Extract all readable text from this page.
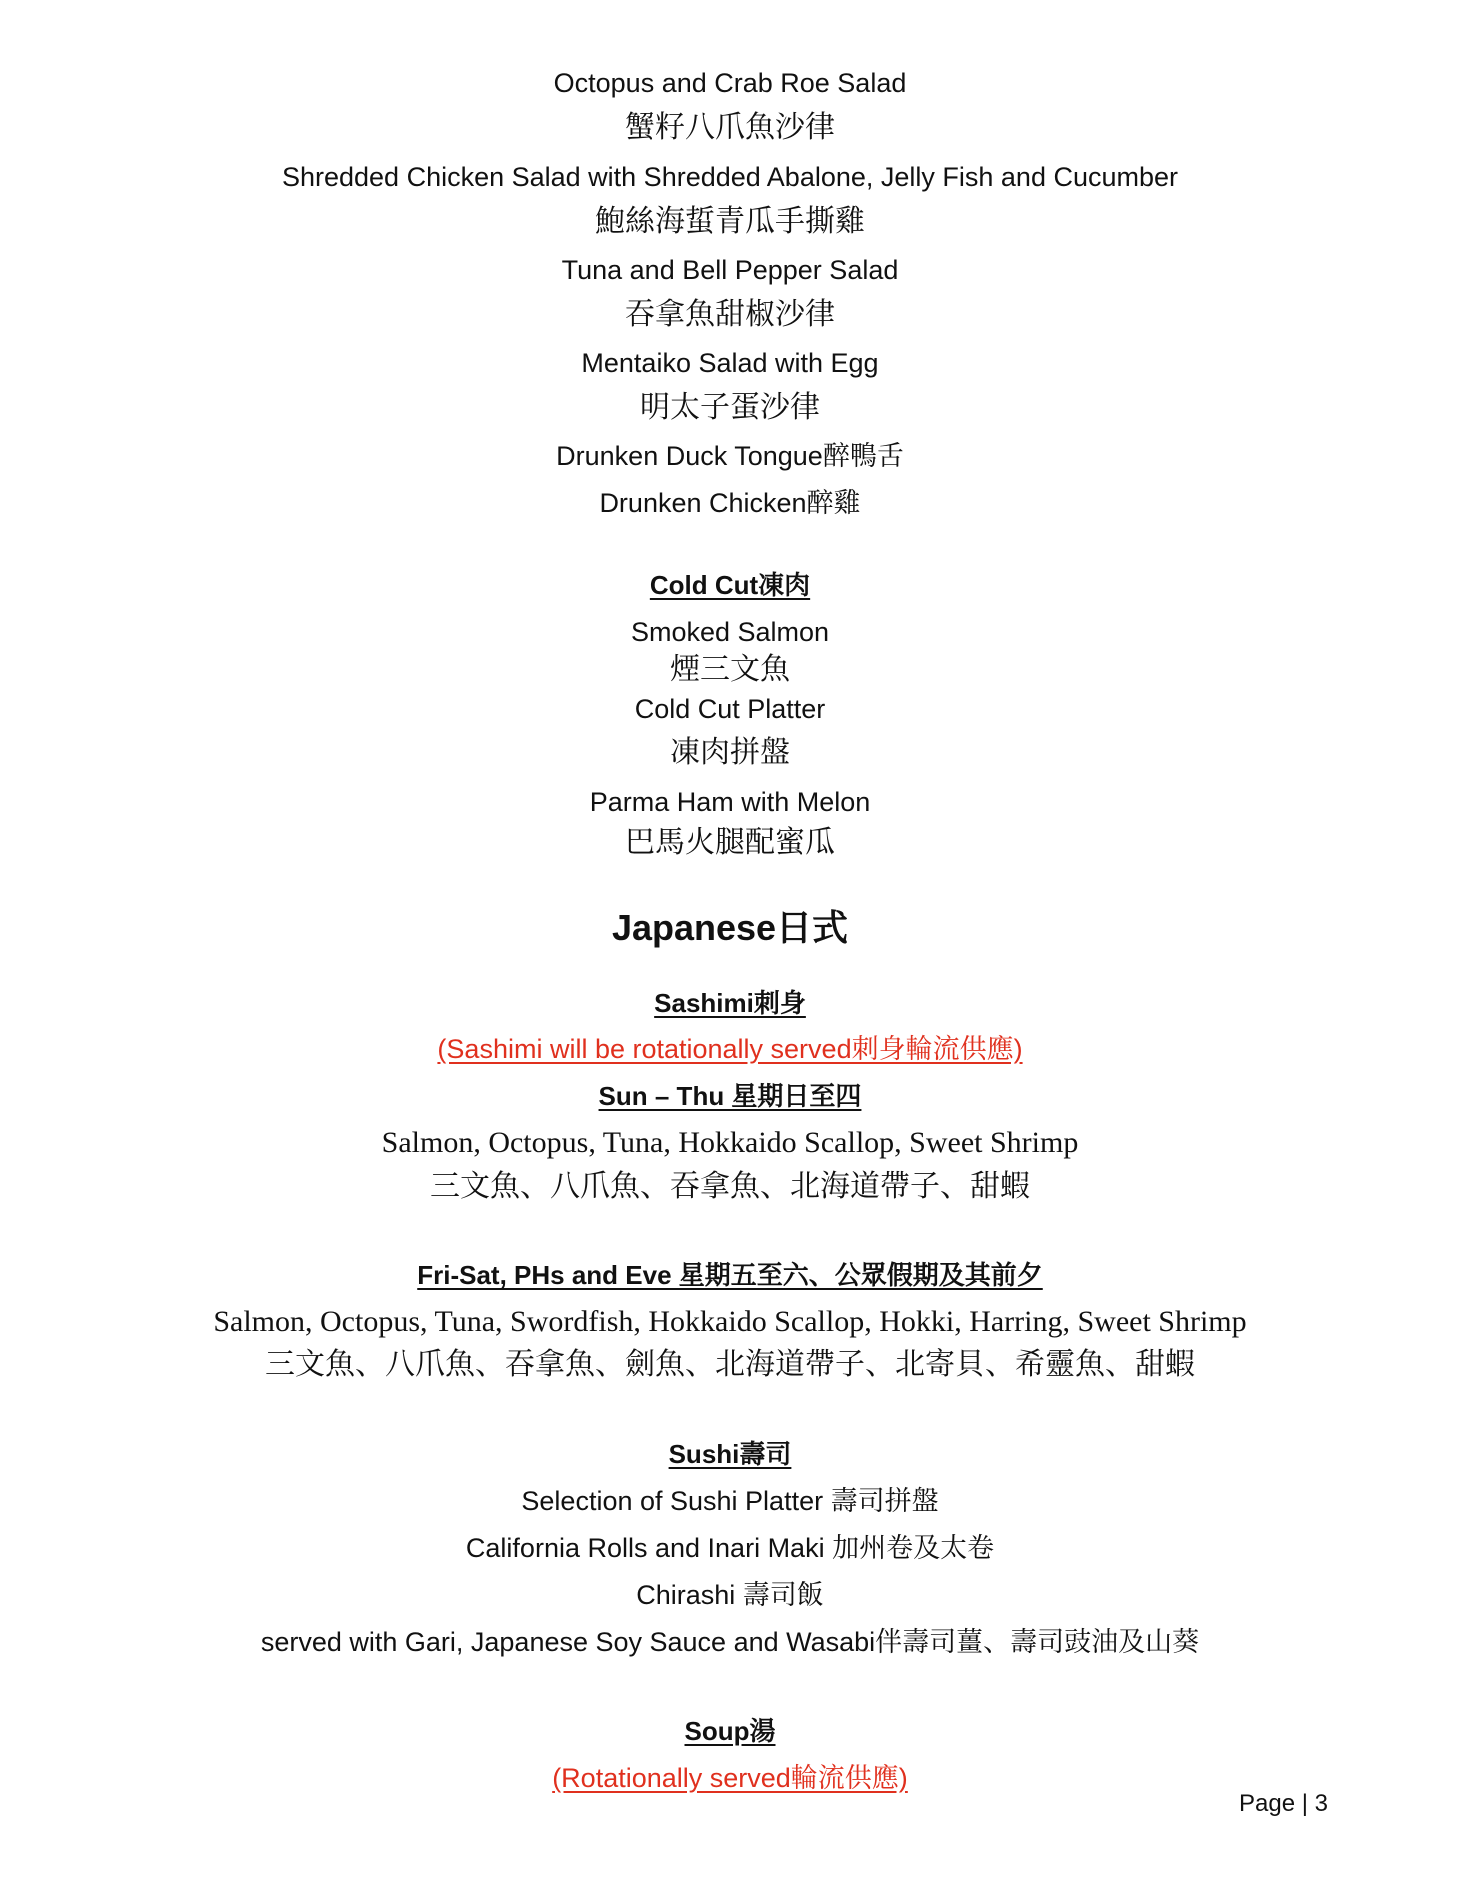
Octopus and Crab Roe Salad
蟹籽八爪魚沙律
Shredded Chicken Salad with Shredded Abalone, Jelly Fish and Cucumber
鮑絲海蜇青瓜手撕雞
Tuna and Bell Pepper Salad
吞拿魚甜椒沙律
Mentaiko Salad with Egg
明太子蛋沙律
Drunken Duck Tongue醉鴨舌
Drunken Chicken醉雞
Cold Cut凍肉
Smoked Salmon
煙三文魚
Cold Cut Platter
凍肉拼盤
Parma Ham with Melon
巴馬火腿配蜜瓜
Japanese日式
Sashimi刺身
(Sashimi will be rotationally served刺身輪流供應)
Sun – Thu 星期日至四
Salmon, Octopus, Tuna, Hokkaido Scallop, Sweet Shrimp
三文魚、八爪魚、吞拿魚、北海道帶子、甜蝦
Fri-Sat, PHs and Eve 星期五至六、公眾假期及其前夕
Salmon, Octopus, Tuna, Swordfish, Hokkaido Scallop, Hokki, Harring, Sweet Shrimp
三文魚、八爪魚、吞拿魚、劍魚、北海道帶子、北寄貝、希靈魚、甜蝦
Sushi壽司
Selection of Sushi Platter 壽司拼盤
California Rolls and Inari Maki 加州卷及太卷
Chirashi 壽司飯
served with Gari, Japanese Soy Sauce and Wasabi伴壽司薑、壽司豉油及山葵
Soup湯
(Rotationally served輪流供應)
Page | 3
